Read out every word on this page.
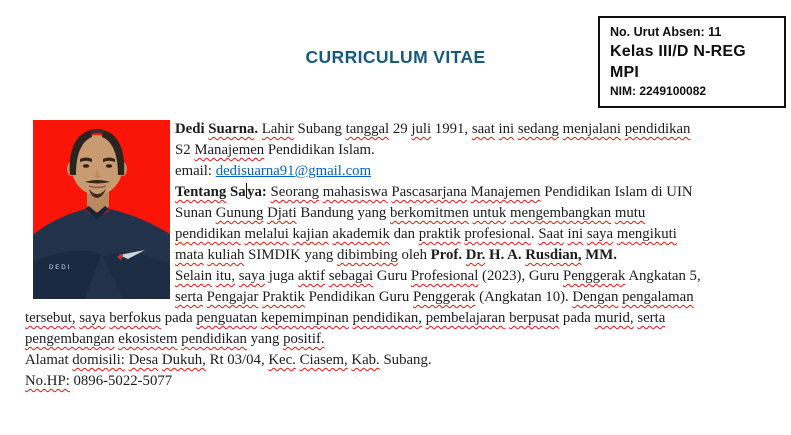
No. Urut Absen: 11
Kelas III/D N-REG MPI
NIM: 2249100082
CURRICULUM VITAE
DEDI

Dedi Suarna. Lahir Subang tanggal 29 juli 1991, saat ini sedang menjalani pendidikan
S2 Manajemen Pendidikan Islam.

email: dedisuarna91@gmail.com

Tentang Sa ya: Seorang mahasiswa Pascasarjana Manajemen Pendidikan Islam di UIN
Sunan Gunung Djati Bandung yang berkomitmen untuk mengembangkan mutu
pendidikan melalui kajian akademik dan praktik profesional. Saat ini saya mengikuti
mata kuliah SIMDIK yang dibimbing oleh Prof. Dr. H. A. Rusdian, MM.

Selain itu, saya juga aktif sebagai Guru Profesional (2023), Guru Penggerak Angkatan 5,
serta Pengajar Praktik Pendidikan Guru Penggerak (Angkatan 10). Dengan pengalaman
tersebut, saya berfokus pada penguatan kepemimpinan pendidikan, pembelajaran berpusat pada murid, serta
pengembangan ekosistem pendidikan yang positif.

Alamat domisili: Desa Dukuh, Rt 03/04, Kec. Ciasem, Kab. Subang.

No.HP: 0896-5022-5077
